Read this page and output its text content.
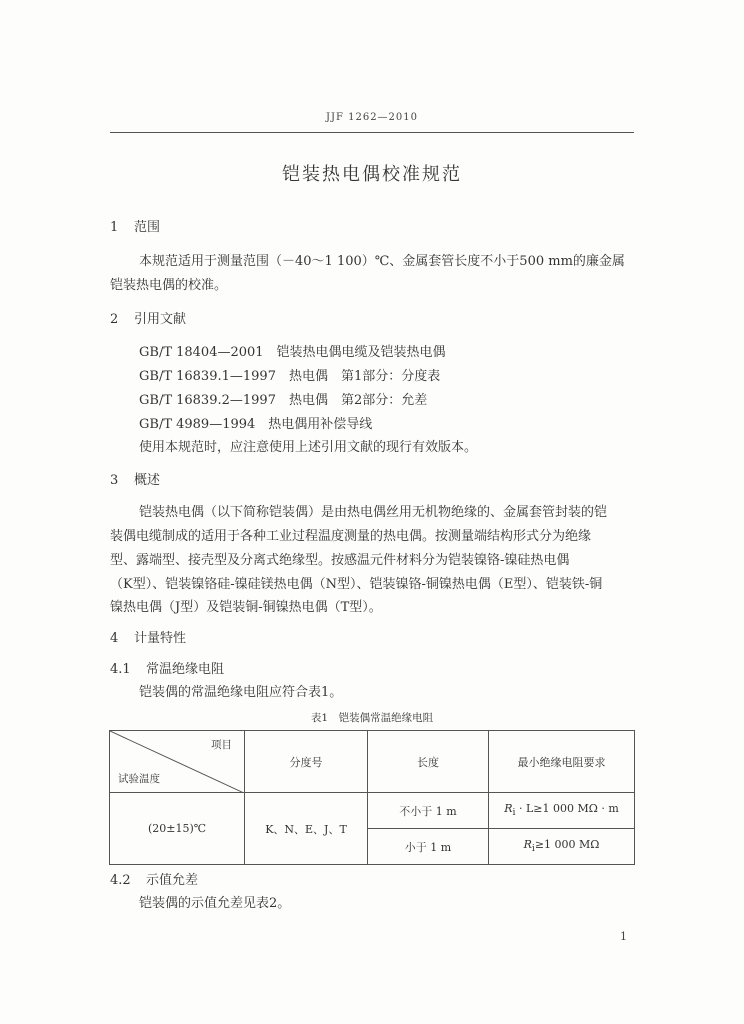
JJF 1262—2010
铠装热电偶校准规范
1 范围
本规范适用于测量范围（－40～1 100）℃、金属套管长度不小于500 mm的廉金属
铠装热电偶的校准。
2 引用文献
GB/T 18404—2001　铠装热电偶电缆及铠装热电偶
GB/T 16839.1—1997　热电偶　第1部分：分度表
GB/T 16839.2—1997　热电偶　第2部分：允差
GB/T 4989—1994　热电偶用补偿导线
使用本规范时，应注意使用上述引用文献的现行有效版本。
3 概述
铠装热电偶（以下简称铠装偶）是由热电偶丝用无机物绝缘的、金属套管封装的铠
装偶电缆制成的适用于各种工业过程温度测量的热电偶。按测量端结构形式分为绝缘
型、露端型、接壳型及分离式绝缘型。按感温元件材料分为铠装镍铬-镍硅热电偶
（K型）、铠装镍铬硅-镍硅镁热电偶（N型）、铠装镍铬-铜镍热电偶（E型）、铠装铁-铜
镍热电偶（J型）及铠装铜-铜镍热电偶（T型）。
4 计量特性
4.1 常温绝缘电阻
铠装偶的常温绝缘电阻应符合表1。
表1　铠装偶常温绝缘电阻
项目
试验温度	分度号	长度	最小绝缘电阻要求
(20±15)℃	K、N、E、J、T	不小于 1 m	$R_i \cdot L\ge 1$ 000 MΩ · m
		小于 1 m	$R_i\ge 1$ 000 MΩ
4.2 示值允差
铠装偶的示值允差见表2。
1
